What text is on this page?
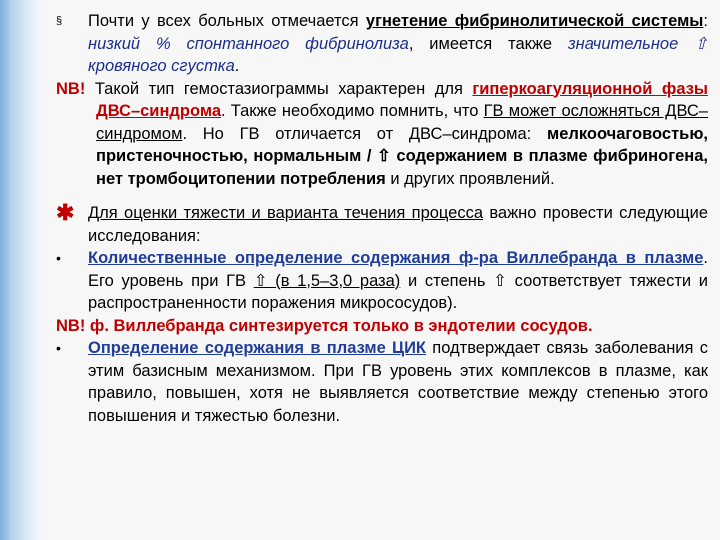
§ Почти у всех больных отмечается угнетение фибринолитической системы: низкий % спонтанного фибринолиза, имеется также значительное ⇧ кровяного сгустка.
NB! Такой тип гемостазиограммы характерен для гиперкоагуляционной фазы ДВС–синдрома. Также необходимо помнить, что ГВ может осложняться ДВС–синдромом. Но ГВ отличается от ДВС–синдрома: мелкоочаговостью, пристеночностью, нормальным / ⇧ содержанием в плазме фибриногена, нет тромбоцитопении потребления и других проявлений.
✱ Для оценки тяжести и варианта течения процесса важно провести следующие исследования:
• Количественные определение содержания ф-ра Виллебранда в плазме. Его уровень при ГВ ⇧ (в 1,5–3,0 раза) и степень ⇧ соответствует тяжести и распространенности поражения микрососудов).
NB! ф. Виллебранда синтезируется только в эндотелии сосудов.
• Определение содержания в плазме ЦИК подтверждает связь заболевания с этим базисным механизмом. При ГВ уровень этих комплексов в плазме, как правило, повышен, хотя не выявляется соответствие между степенью этого повышения и тяжестью болезни.
